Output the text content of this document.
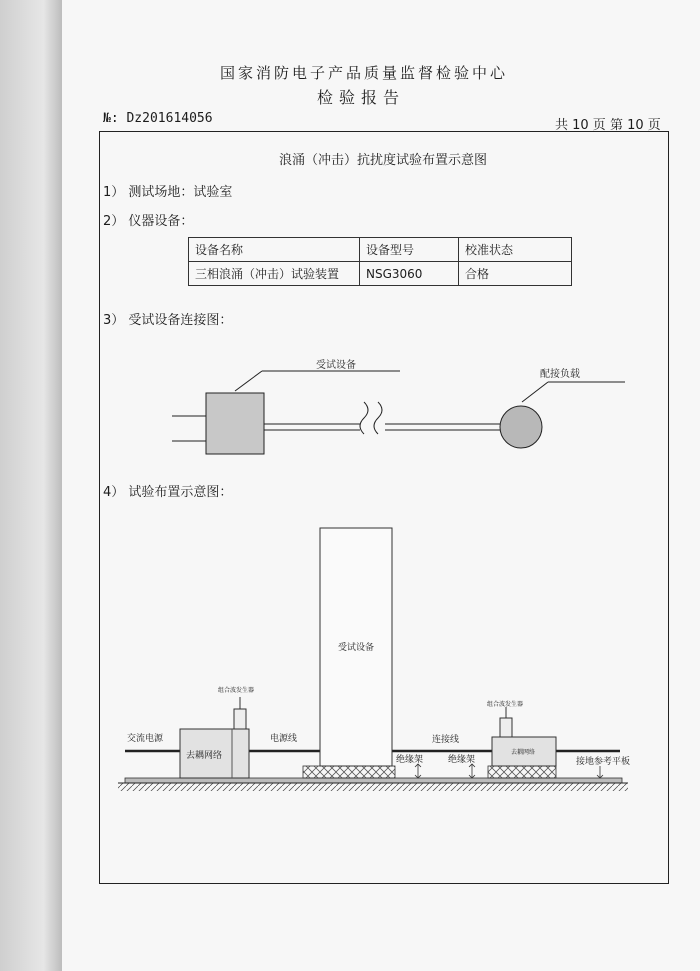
国家消防电子产品质量监督检验中心
检验报告
№: Dz201614056	共 10 页 第 10 页
浪涌（冲击）抗扰度试验布置示意图
1） 测试场地：试验室
2） 仪器设备：
设备名称	设备型号	校准状态
三相浪涌（冲击）试验装置	NSG3060	合格
3） 受试设备连接图：
受试设备
配接负载
4） 试验布置示意图：
受试设备
组合波发生器
组合波发生器
交流电源
去耦网络	去耦网络
电源线	连接线
绝缘架	绝缘架	接地参考平板
